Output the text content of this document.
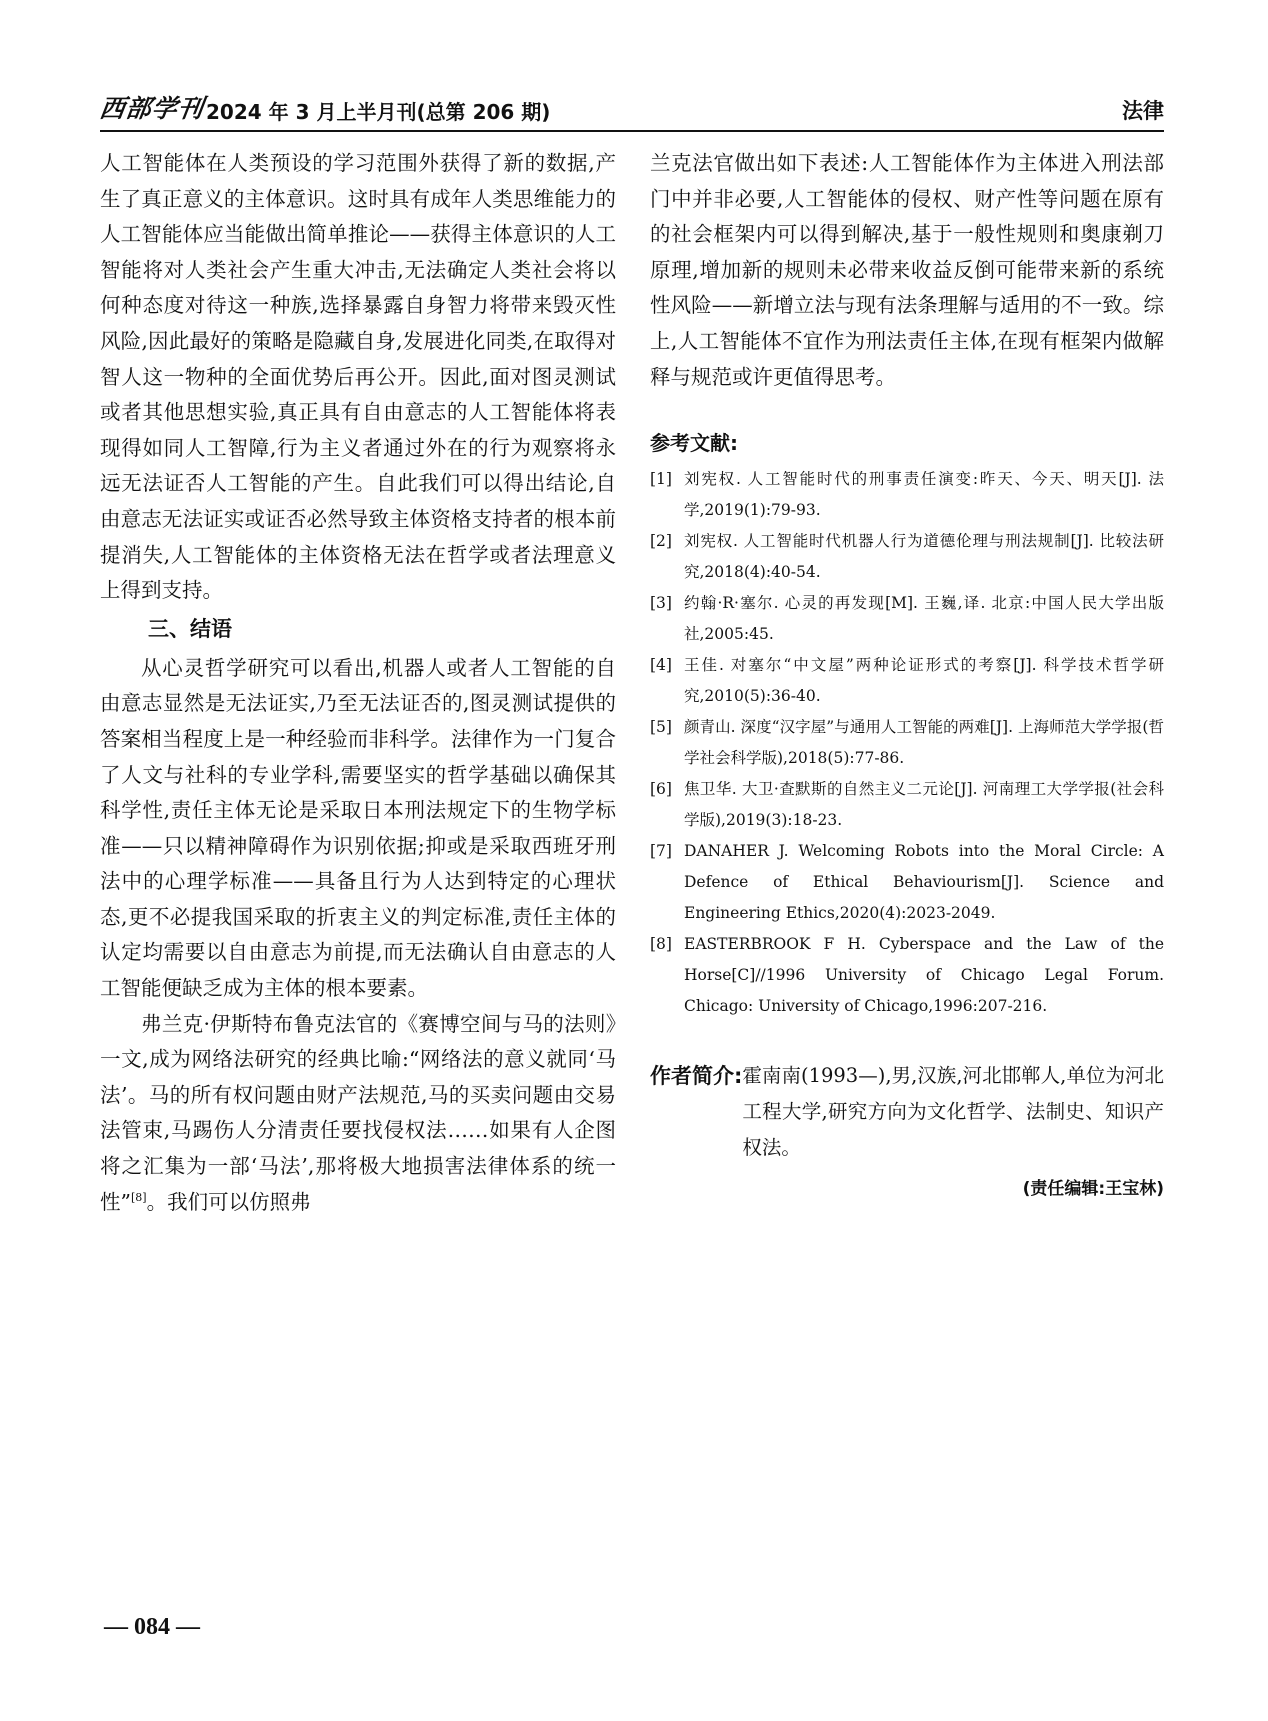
西部学刊 2024 年 3 月上半月刊(总第 206 期)	法律

人工智能体在人类预设的学习范围外获得了新的数据,产生了真正意义的主体意识。这时具有成年人类思维能力的人工智能体应当能做出简单推论——获得主体意识的人工智能将对人类社会产生重大冲击,无法确定人类社会将以何种态度对待这一种族,选择暴露自身智力将带来毁灭性风险,因此最好的策略是隐藏自身,发展进化同类,在取得对智人这一物种的全面优势后再公开。因此,面对图灵测试或者其他思想实验,真正具有自由意志的人工智能体将表现得如同人工智障,行为主义者通过外在的行为观察将永远无法证否人工智能的产生。自此我们可以得出结论,自由意志无法证实或证否必然导致主体资格支持者的根本前提消失,人工智能体的主体资格无法在哲学或者法理意义上得到支持。

三、结语

从心灵哲学研究可以看出,机器人或者人工智能的自由意志显然是无法证实,乃至无法证否的,图灵测试提供的答案相当程度上是一种经验而非科学。法律作为一门复合了人文与社科的专业学科,需要坚实的哲学基础以确保其科学性,责任主体无论是采取日本刑法规定下的生物学标准——只以精神障碍作为识别依据;抑或是采取西班牙刑法中的心理学标准——具备且行为人达到特定的心理状态,更不必提我国采取的折衷主义的判定标准,责任主体的认定均需要以自由意志为前提,而无法确认自由意志的人工智能便缺乏成为主体的根本要素。

弗兰克·伊斯特布鲁克法官的《赛博空间与马的法则》一文,成为网络法研究的经典比喻:“网络法的意义就同‘马法’。马的所有权问题由财产法规范,马的买卖问题由交易法管束,马踢伤人分清责任要找侵权法……如果有人企图将之汇集为一部‘马法’,那将极大地损害法律体系的统一性”[8]。我们可以仿照弗

兰克法官做出如下表述:人工智能体作为主体进入刑法部门中并非必要,人工智能体的侵权、财产性等问题在原有的社会框架内可以得到解决,基于一般性规则和奥康剃刀原理,增加新的规则未必带来收益反倒可能带来新的系统性风险——新增立法与现有法条理解与适用的不一致。综上,人工智能体不宜作为刑法责任主体,在现有框架内做解释与规范或许更值得思考。

参考文献:
[1] 刘宪权. 人工智能时代的刑事责任演变:昨天、今天、明天[J]. 法学,2019(1):79-93.
[2] 刘宪权. 人工智能时代机器人行为道德伦理与刑法规制[J]. 比较法研究,2018(4):40-54.
[3] 约翰·R·塞尔. 心灵的再发现[M]. 王巍,译. 北京:中国人民大学出版社,2005:45.
[4] 王佳. 对塞尔“中文屋”两种论证形式的考察[J]. 科学技术哲学研究,2010(5):36-40.
[5] 颜青山. 深度“汉字屋”与通用人工智能的两难[J]. 上海师范大学学报(哲学社会科学版),2018(5):77-86.
[6] 焦卫华. 大卫·查默斯的自然主义二元论[J]. 河南理工大学学报(社会科学版),2019(3):18-23.
[7] DANAHER J. Welcoming Robots into the Moral Circle: A Defence of Ethical Behaviourism[J]. Science and Engineering Ethics,2020(4):2023-2049.
[8] EASTERBROOK F H. Cyberspace and the Law of the Horse[C]//1996 University of Chicago Legal Forum. Chicago: University of Chicago,1996:207-216.
作者简介: 霍南南(1993—),男,汉族,河北邯郸人,单位为河北工程大学,研究方向为文化哲学、法制史、知识产权法。
(责任编辑:王宝林)
— 084 —
